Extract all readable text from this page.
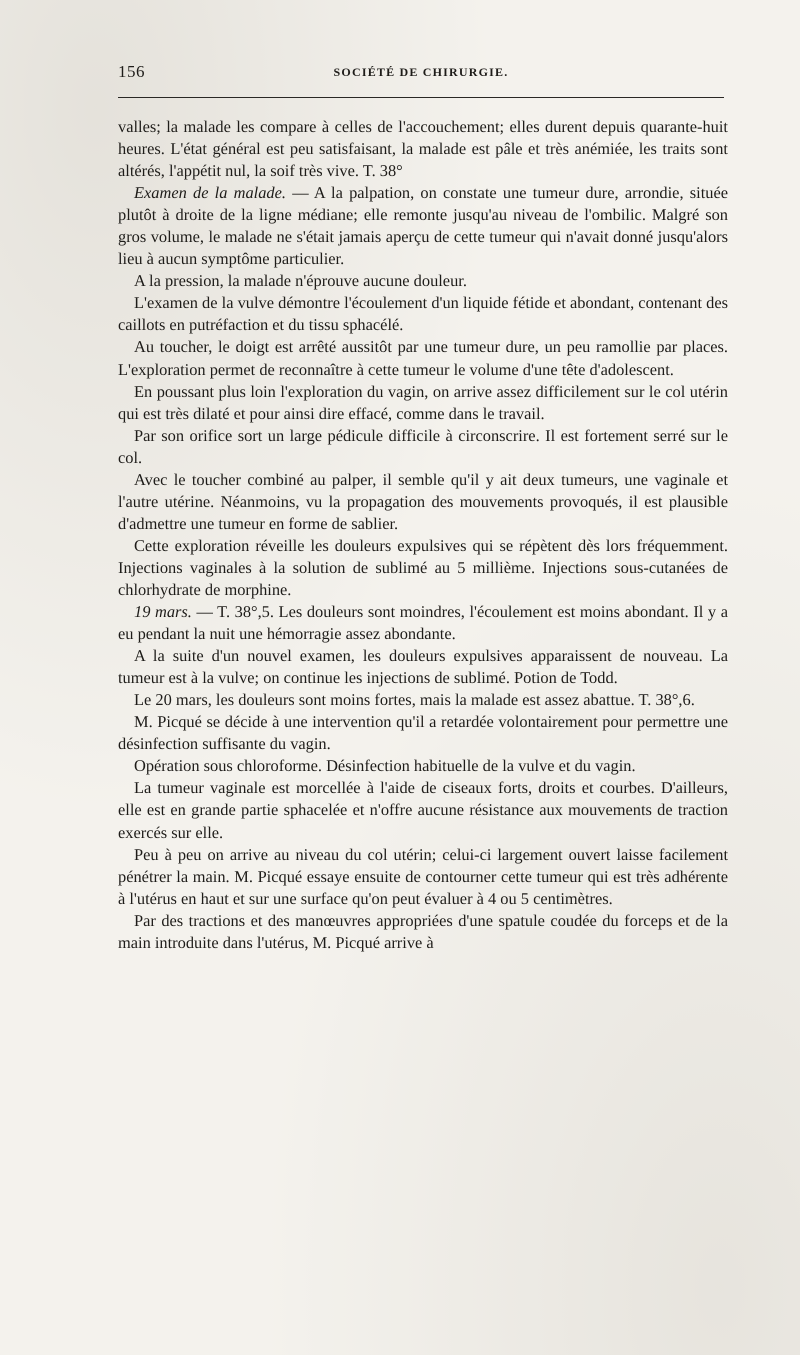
156	SOCIÉTÉ DE CHIRURGIE.

valles; la malade les compare à celles de l'accouchement; elles durent depuis quarante-huit heures. L'état général est peu satisfaisant, la malade est pâle et très anémiée, les traits sont altérés, l'appétit nul, la soif très vive. T. 38°

Examen de la malade. — A la palpation, on constate une tumeur dure, arrondie, située plutôt à droite de la ligne médiane; elle remonte jusqu'au niveau de l'ombilic. Malgré son gros volume, le malade ne s'était jamais aperçu de cette tumeur qui n'avait donné jusqu'alors lieu à aucun symptôme particulier.

A la pression, la malade n'éprouve aucune douleur.

L'examen de la vulve démontre l'écoulement d'un liquide fétide et abondant, contenant des caillots en putréfaction et du tissu sphacélé.

Au toucher, le doigt est arrêté aussitôt par une tumeur dure, un peu ramollie par places. L'exploration permet de reconnaître à cette tumeur le volume d'une tête d'adolescent.

En poussant plus loin l'exploration du vagin, on arrive assez difficilement sur le col utérin qui est très dilaté et pour ainsi dire effacé, comme dans le travail.

Par son orifice sort un large pédicule difficile à circonscrire. Il est fortement serré sur le col.

Avec le toucher combiné au palper, il semble qu'il y ait deux tumeurs, une vaginale et l'autre utérine. Néanmoins, vu la propagation des mouvements provoqués, il est plausible d'admettre une tumeur en forme de sablier.

Cette exploration réveille les douleurs expulsives qui se répètent dès lors fréquemment. Injections vaginales à la solution de sublimé au 5 millième. Injections sous-cutanées de chlorhydrate de morphine.

19 mars. — T. 38°,5. Les douleurs sont moindres, l'écoulement est moins abondant. Il y a eu pendant la nuit une hémorragie assez abondante.

A la suite d'un nouvel examen, les douleurs expulsives apparaissent de nouveau. La tumeur est à la vulve; on continue les injections de sublimé. Potion de Todd.

Le 20 mars, les douleurs sont moins fortes, mais la malade est assez abattue. T. 38°,6.

M. Picqué se décide à une intervention qu'il a retardée volontairement pour permettre une désinfection suffisante du vagin.

Opération sous chloroforme. Désinfection habituelle de la vulve et du vagin.

La tumeur vaginale est morcellée à l'aide de ciseaux forts, droits et courbes. D'ailleurs, elle est en grande partie sphacelée et n'offre aucune résistance aux mouvements de traction exercés sur elle.

Peu à peu on arrive au niveau du col utérin; celui-ci largement ouvert laisse facilement pénétrer la main. M. Picqué essaye ensuite de contourner cette tumeur qui est très adhérente à l'utérus en haut et sur une surface qu'on peut évaluer à 4 ou 5 centimètres.

Par des tractions et des manœuvres appropriées d'une spatule coudée du forceps et de la main introduite dans l'utérus, M. Picqué arrive à
